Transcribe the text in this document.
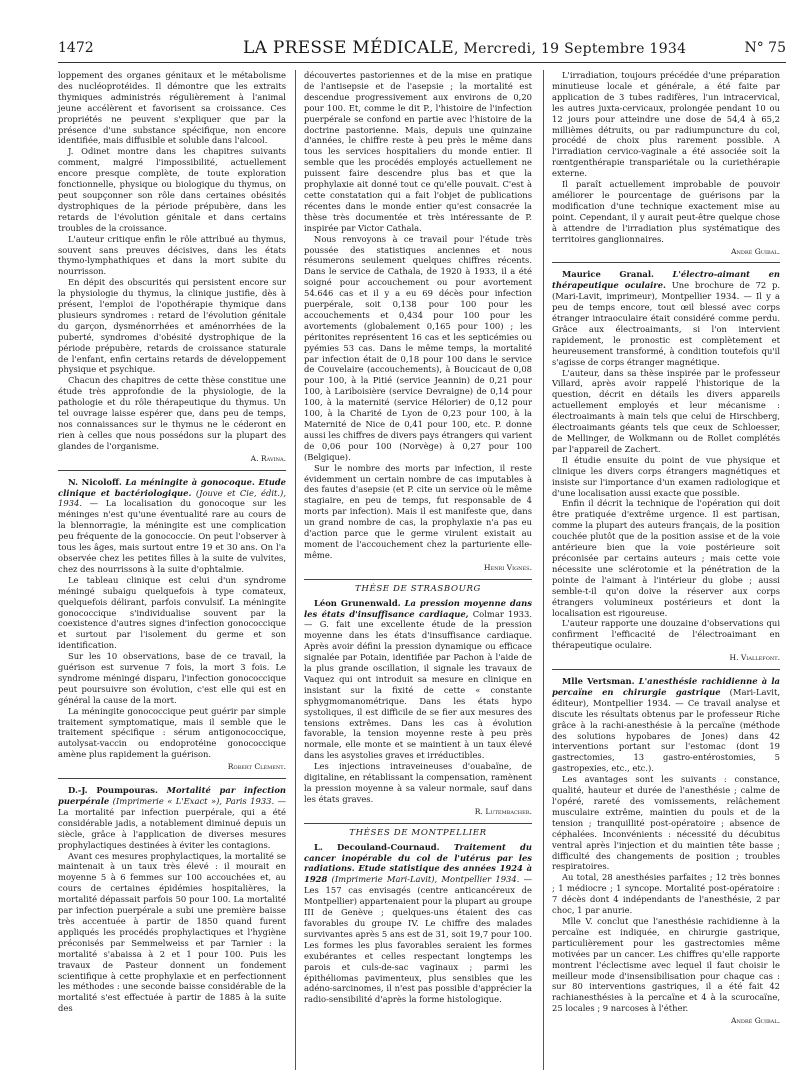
1472	LA PRESSE MÉDICALE, Mercredi, 19 Septembre 1934	N° 75

loppement des organes génitaux et le métabolisme des nucléoprotéides. Il démontre que les extraits thymiques administrés régulièrement à l'animal jeune accélèrent et favorisent sa croissance. Ces propriétés ne peuvent s'expliquer que par la présence d'une substance spécifique, non encore identifiée, mais diffusible et soluble dans l'alcool.

J. Odinet montre dans les chapitres suivants comment, malgré l'impossibilité, actuellement encore presque complète, de toute exploration fonctionnelle, physique ou biologique du thymus, on peut soupçonner son rôle dans certaines obésités dystrophiques de la période prépubère, dans les retards de l'évolution génitale et dans certains troubles de la croissance.

L'auteur critique enfin le rôle attribué au thymus, souvent sans preuves décisives, dans les états thymo-lymphathiques et dans la mort subite du nourrisson.

En dépit des obscurités qui persistent encore sur la physiologie du thymus, la clinique justifie, dès à présent, l'emploi de l'opothérapie thymique dans plusieurs syndromes : retard de l'évolution génitale du garçon, dysménorrhées et aménorrhées de la puberté, syndromes d'obésité dystrophique de la période prépubère, retards de croissance staturale de l'enfant, enfin certains retards de développement physique et psychique.

Chacun des chapitres de cette thèse constitue une étude très approfondie de la physiologie, de la pathologie et du rôle thérapeutique du thymus. Un tel ouvrage laisse espérer que, dans peu de temps, nos connaissances sur le thymus ne le céderont en rien à celles que nous possédons sur la plupart des glandes de l'organisme.

A. Ravina.

N. Nicoloff. La méningite à gonocoque. Etude clinique et bactériologique. (Jouve et Cie, édit.), 1934. — La localisation du gonocoque sur les méninges n'est qu'une éventualité rare au cours de la blennorragie, la méningite est une complication peu fréquente de la gonococcie. On peut l'observer à tous les âges, mais surtout entre 19 et 30 ans. On l'a observée chez les petites filles à la suite de vulvites, chez des nourrissons à la suite d'ophtalmie.

Le tableau clinique est celui d'un syndrome méningé subaigu quelquefois à type comateux, quelquefois délirant, parfois convulsif. La méningite gonococcique s'individualise souvent par la coexistence d'autres signes d'infection gonococcique et surtout par l'isolement du germe et son identification.

Sur les 10 observations, base de ce travail, la guérison est survenue 7 fois, la mort 3 fois. Le syndrome méningé disparu, l'infection gonococcique peut poursuivre son évolution, c'est elle qui est en général la cause de la mort.

La méningite gonococcique peut guérir par simple traitement symptomatique, mais il semble que le traitement spécifique : sérum antigonococcique, autolysat-vaccin ou endoprotéine gonococcique amène plus rapidement la guérison.

Robert Clément.

D.-J. Poumpouras. Mortalité par infection puerpérale (Imprimerie « L'Exact »), Paris 1933. — La mortalité par infection puerpérale, qui a été considérable jadis, a notablement diminué depuis un siècle, grâce à l'application de diverses mesures prophylactiques destinées à éviter les contagions.

Avant ces mesures prophylactiques, la mortalité se maintenait à un taux très élevé : il mourait en moyenne 5 à 6 femmes sur 100 accouchées et, au cours de certaines épidémies hospitalières, la mortalité dépassait parfois 50 pour 100. La mortalité par infection puerpérale a subi une première baisse très accentuée à partir de 1850 quand furent appliqués les procédés prophylactiques et l'hygiène préconisés par Semmelweiss et par Tarnier : la mortalité s'abaissa à 2 et 1 pour 100. Puis les travaux de Pasteur donnent un fondement scientifique à cette prophylaxie et en perfectionnent les méthodes : une seconde baisse considérable de la mortalité s'est effectuée à partir de 1885 à la suite des

découvertes pastoriennes et de la mise en pratique de l'antisepsie et de l'asepsie ; la mortalité est descendue progressivement aux environs de 0,20 pour 100. Et, comme le dit P., l'histoire de l'infection puerpérale se confond en partie avec l'histoire de la doctrine pastorienne. Mais, depuis une quinzaine d'années, le chiffre reste à peu près le même dans tous les services hospitaliers du monde entier. Il semble que les procédés employés actuellement ne puissent faire descendre plus bas et que la prophylaxie ait donné tout ce qu'elle pouvait. C'est à cette constatation qui a fait l'objet de publications récentes dans le monde entier qu'est consacrée la thèse très documentée et très intéressante de P. inspirée par Victor Cathala.

Nous renvoyons à ce travail pour l'étude très poussée des statistiques anciennes et nous résumerons seulement quelques chiffres récents. Dans le service de Cathala, de 1920 à 1933, il a été soigné pour accouchement ou pour avortement 54.646 cas et il y a eu 69 décès pour infection puerpérale, soit 0,138 pour 100 pour les accouchements et 0,434 pour 100 pour les avortements (globalement 0,165 pour 100) ; les péritonites représentent 16 cas et les septicémies ou pyémies 53 cas. Dans le même temps, la mortalité par infection était de 0,18 pour 100 dans le service de Couvelaire (accouchements), à Boucicaut de 0,08 pour 100, à la Pitié (service Jeannin) de 0,21 pour 100, à Lariboisière (service Devraigne) de 0,14 pour 100, à la maternité (service Hélorier) de 0,12 pour 100, à la Charité de Lyon de 0,23 pour 100, à la Maternité de Nice de 0,41 pour 100, etc. P. donne aussi les chiffres de divers pays étrangers qui varient de 0,06 pour 100 (Norvège) à 0,27 pour 100 (Belgique).

Sur le nombre des morts par infection, il reste évidemment un certain nombre de cas imputables à des fautes d'asepsie (et P. cite un service où le même stagiaire, en peu de temps, fut responsable de 4 morts par infection). Mais il est manifeste que, dans un grand nombre de cas, la prophylaxie n'a pas eu d'action parce que le germe virulent existait au moment de l'accouchement chez la parturiente elle-même.

Henri Vignes.
THÈSE DE STRASBOURG

Léon Grunenwald. La pression moyenne dans les états d'insuffisance cardiaque, Colmar 1933. — G. fait une excellente étude de la pression moyenne dans les états d'insuffisance cardiaque. Après avoir défini la pression dynamique ou efficace signalée par Potain, identifiée par Pachon à l'aide de la plus grande oscillation, il signale les travaux de Vaquez qui ont introduit sa mesure en clinique en insistant sur la fixité de cette « constante sphygmomanométrique. Dans les états hypo systoliques, il est difficile de se fier aux mesures des tensions extrêmes. Dans les cas à évolution favorable, la tension moyenne reste à peu près normale, elle monte et se maintient à un taux élevé dans les asystolies graves et irréductibles.

Les injections intraveineuses d'ouabaïne, de digitaline, en rétablissant la compensation, ramènent la pression moyenne à sa valeur normale, sauf dans les états graves.

R. Lutembacher.
THÈSES DE MONTPELLIER

L. Decouland-Cournaud. Traitement du cancer inopérable du col de l'utérus par les radiations. Etude statistique des années 1924 à 1928 (Imprimerie Mari-Lavit), Montpellier 1934. — Les 157 cas envisagés (centre anticancéreux de Montpellier) appartenaient pour la plupart au groupe III de Genève ; quelques-uns étaient des cas favorables du groupe IV. Le chiffre des malades survivantes après 5 ans est de 31, soit 19,7 pour 100. Les formes les plus favorables seraient les formes exubérantes et celles respectant longtemps les parois et culs-de-sac vaginaux ; parmi les épithéliomas pavimenteux, plus sensibles que les adéno-sarcinomes, il n'est pas possible d'apprécier la radio-sensibilité d'après la forme histologique.

L'irradiation, toujours précédée d'une préparation minutieuse locale et générale, a été faite par application de 3 tubes radifères, l'un intracervical, les autres juxta-cervicaux, prolongée pendant 10 ou 12 jours pour atteindre une dose de 54,4 à 65,2 millièmes détruits, ou par radiumpuncture du col, procédé de choix plus rarement possible. A l'irradiation cervico-vaginale a été associée soit la rœntgenthérapie transpariétale ou la curiethérapie externe.

Il paraît actuellement improbable de pouvoir améliorer le pourcentage de guérisons par la modification d'une technique exactement mise au point. Cependant, il y aurait peut-être quelque chose à attendre de l'irradiation plus systématique des territoires ganglionnaires.

André Guibal.

Maurice Granal. L'électro-aimant en thérapeutique oculaire. Une brochure de 72 p. (Mari-Lavit, imprimeur), Montpellier 1934. — Il y a peu de temps encore, tout œil blessé avec corps étranger intraoculaire était considéré comme perdu. Grâce aux électroaimants, si l'on intervient rapidement, le pronostic est complètement et heureusement transformé, à condition toutefois qu'il s'agisse de corps étranger magnétique.

L'auteur, dans sa thèse inspirée par le professeur Villard, après avoir rappelé l'historique de la question, décrit en détails les divers appareils actuellement employés et leur mécanisme : électroaimants à main tels que celui de Hirschberg, électroaimants géants tels que ceux de Schloesser, de Mellinger, de Wolkmann ou de Rollet complétés par l'appareil de Zachert.

Il étudie ensuite du point de vue physique et clinique les divers corps étrangers magnétiques et insiste sur l'importance d'un examen radiologique et d'une localisation aussi exacte que possible.

Enfin il décrit la technique de l'opération qui doit être pratiquée d'extrême urgence. Il est partisan, comme la plupart des auteurs français, de la position couchée plutôt que de la position assise et de la voie antérieure bien que la voie postérieure soit préconisée par certains auteurs ; mais cette voie nécessite une sclérotomie et la pénétration de la pointe de l'aimant à l'intérieur du globe ; aussi semble-t-il qu'on doive la réserver aux corps étrangers volumineux postérieurs et dont la localisation est rigoureuse.

L'auteur rapporte une douzaine d'observations qui confirment l'efficacité de l'électroaimant en thérapeutique oculaire.

H. Viallefont.

Mlle Vertsman. L'anesthésie rachidienne à la percaïne en chirurgie gastrique (Mari-Lavit, éditeur), Montpellier 1934. — Ce travail analyse et discute les résultats obtenus par le professeur Riche grâce à la rachi-anesthésie à la percaïne (méthode des solutions hypobares de Jones) dans 42 interventions portant sur l'estomac (dont 19 gastrectomies, 13 gastro-entérostomies, 5 gastropexies, etc., etc.).

Les avantages sont les suivants : constance, qualité, hauteur et durée de l'anesthésie ; calme de l'opéré, rareté des vomissements, relâchement musculaire extrême, maintien du pouls et de la tension ; tranquillité post-opératoire ; absence de céphalées. Inconvénients : nécessité du décubitus ventral après l'injection et du maintien tête basse ; difficulté des changements de position ; troubles respiratoires.

Au total, 28 anesthésies parfaites ; 12 très bonnes ; 1 médiocre ; 1 syncope. Mortalité post-opératoire : 7 décès dont 4 indépendants de l'anesthésie, 2 par choc, 1 par anurie.

Mlle V. conclut que l'anesthésie rachidienne à la percaïne est indiquée, en chirurgie gastrique, particulièrement pour les gastrectomies même motivées par un cancer. Les chiffres qu'elle rapporte montrent l'éclectisme avec lequel il faut choisir le meilleur mode d'insensibilisation pour chaque cas : sur 80 interventions gastriques, il a été fait 42 rachianesthésies à la percaïne et 4 à la scurocaïne, 25 locales ; 9 narcoses à l'éther.

André Guibal.
